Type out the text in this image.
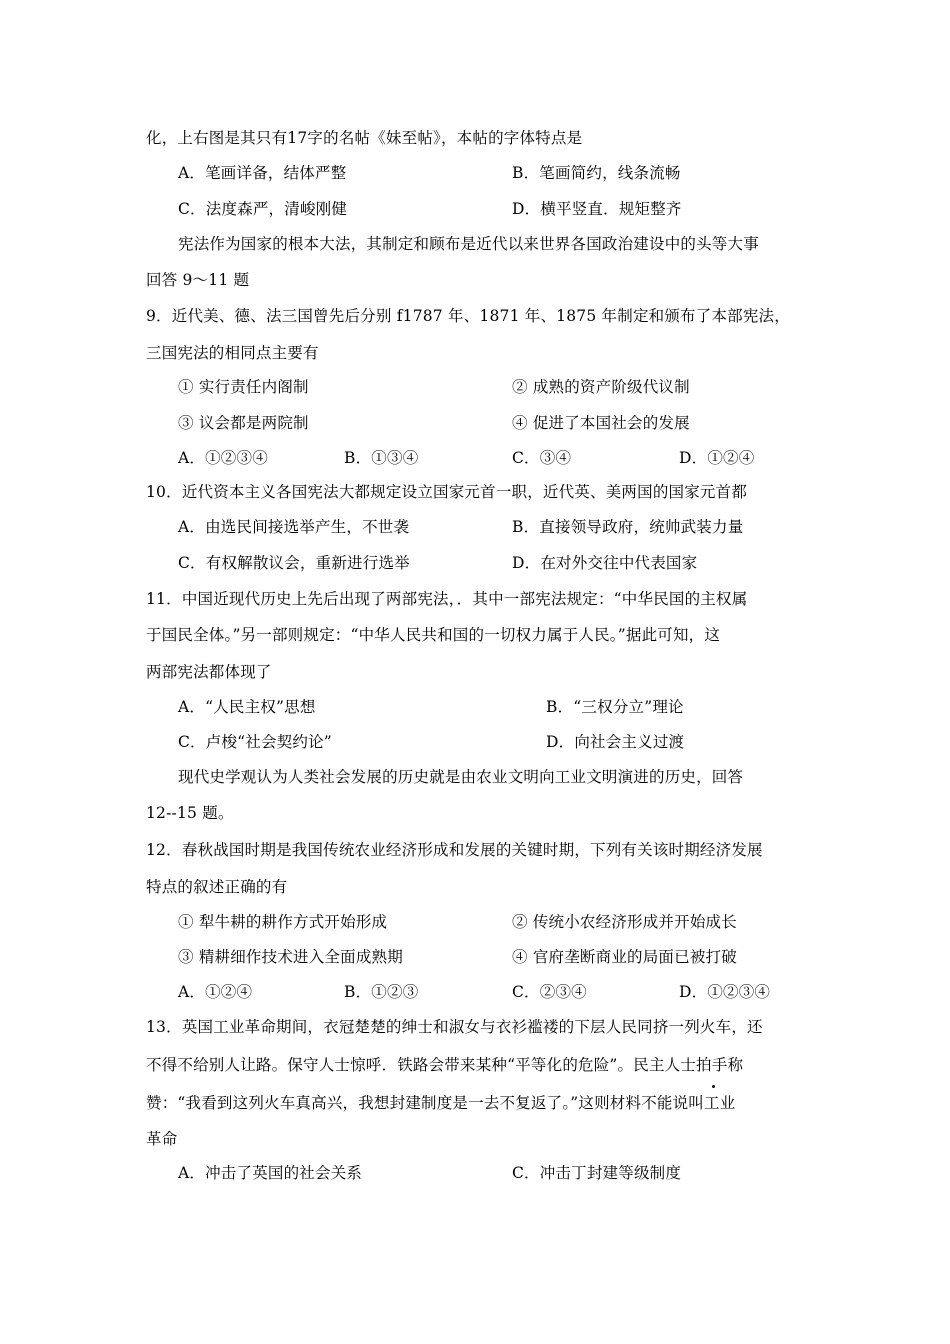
化，上右图是其只有17字的名帖《妹至帖》，本帖的字体特点是
A．笔画详备，结体严整	B．笔画简约，线条流畅
C．法度森严，清峻刚健	D．横平竖直．规矩整齐
宪法作为国家的根本大法，其制定和顾布是近代以来世界各国政治建设中的头等大事
回答 9～11 题
9．近代美、德、法三国曾先后分别 f1787 年、1871 年、1875 年制定和颁布了本部宪法，
三国宪法的相同点主要有
① 实行责任内阁制	② 成熟的资产阶级代议制
③ 议会都是两院制	④ 促进了本国社会的发展
A．①②③④	B．①③④	C．③④	D．①②④
10．近代资本主义各国宪法大都规定设立国家元首一职，近代英、美两国的国家元首都
A．由选民间接选举产生，不世袭	B．直接领导政府，统帅武装力量
C．有权解散议会，重新进行选举	D．在对外交往中代表国家
11．中国近现代历史上先后出现了两部宪法，．其中一部宪法规定：“中华民国的主权属
于国民全体。”另一部则规定：“中华人民共和国的一切权力属于人民。”据此可知，这
两部宪法都体现了
A．“人民主权”思想	B．“三权分立”理论
C．卢梭“社会契约论”	D．向社会主义过渡
现代史学观认为人类社会发展的历史就是由农业文明向工业文明演进的历史，回答
12--15 题。
12．春秋战国时期是我国传统农业经济形成和发展的关键时期，下列有关该时期经济发展
特点的叙述正确的有
① 犁牛耕的耕作方式开始形成	② 传统小农经济形成并开始成长
③ 精耕细作技术进入全面成熟期	④ 官府垄断商业的局面已被打破
A．①②④	B．①②③	C．②③④	D．①②③④
13．英国工业革命期间，衣冠楚楚的绅士和淑女与衣衫褴褛的下层人民同挤一列火车，还
不得不给别人让路。保守人士惊呼．铁路会带来某种“平等化的危险”。民主人士拍手称
赞：“我看到这列火车真高兴，我想封建制度是一去不复返了。”这则材料不能说叫工业
革命
A．冲击了英国的社会关系	C．冲击丁封建等级制度
